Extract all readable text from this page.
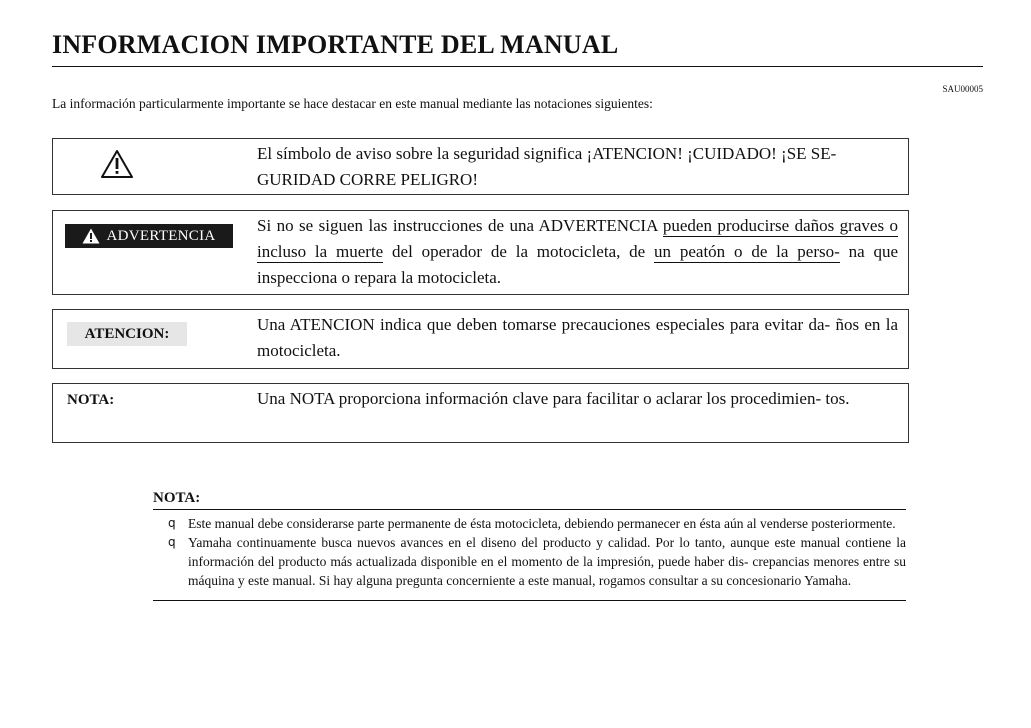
INFORMACION IMPORTANTE DEL MANUAL
SAU00005
La información particularmente importante se hace destacar en este manual mediante las notaciones siguientes:
El símbolo de aviso sobre la seguridad significa ¡ATENCION! ¡CUIDADO! ¡SE SE-
GURIDAD CORRE PELIGRO!
ADVERTENCIA
Si no se siguen las instrucciones de una ADVERTENCIA pueden producirse daños graves o incluso la muerte del operador de la motocicleta, de un peatón o de la perso- na que inspecciona o repara la motocicleta.
ATENCION:	Una ATENCION indica que deben tomarse precauciones especiales para evitar da- ños en la motocicleta.
NOTA:	Una NOTA proporciona información clave para facilitar o aclarar los procedimien- tos.
NOTA:
q Este manual debe considerarse parte permanente de ésta motocicleta, debiendo permanecer en ésta aún al venderse posteriormente.
q Yamaha continuamente busca nuevos avances en el diseno del producto y calidad. Por lo tanto, aunque este manual contiene la información del producto más actualizada disponible en el momento de la impresión, puede haber dis- crepancias menores entre su máquina y este manual. Si hay alguna pregunta concerniente a este manual, rogamos consultar a su concesionario Yamaha.
